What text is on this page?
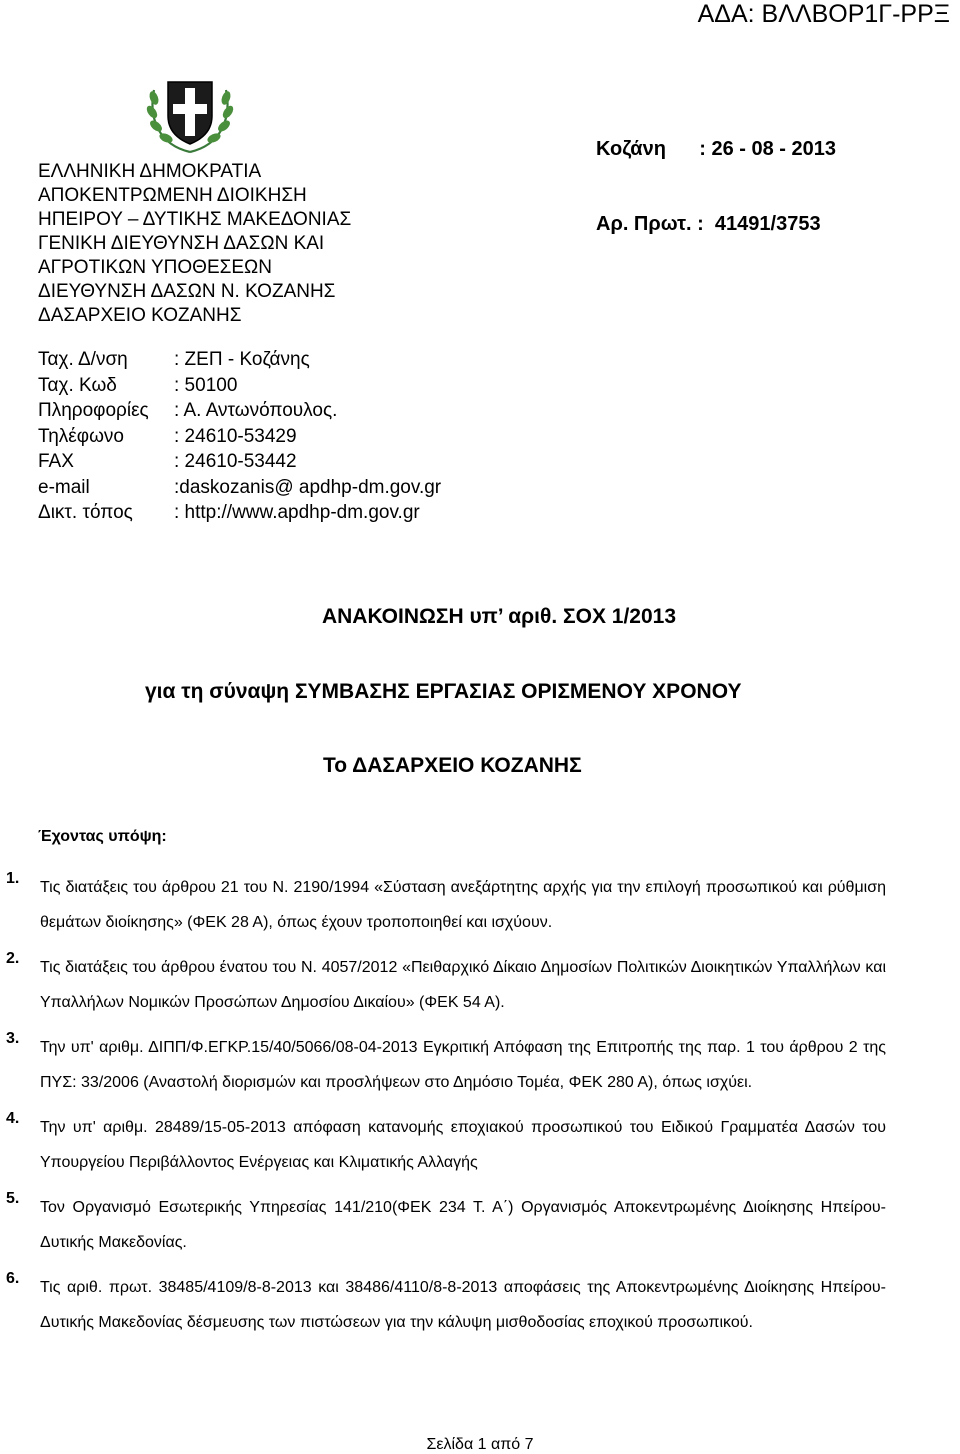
ΑΔΑ: ΒΛΛΒΟΡ1Γ-ΡΡΞ

Κοζάνη      : 26 - 08 - 2013

Αρ. Πρωτ. :  41491/3753

ΕΛΛΗΝΙΚΗ ΔΗΜΟΚΡΑΤΙΑ
ΑΠΟΚΕΝΤΡΩΜΕΝΗ ΔΙΟΙΚΗΣΗ
ΗΠΕΙΡΟΥ – ΔΥΤΙΚΗΣ ΜΑΚΕΔΟΝΙΑΣ
ΓΕΝΙΚΗ ΔΙΕΥΘΥΝΣΗ ΔΑΣΩΝ ΚΑΙ
ΑΓΡΟΤΙΚΩΝ ΥΠΟΘΕΣΕΩΝ
ΔΙΕΥΘΥΝΣΗ ΔΑΣΩΝ Ν. ΚΟΖΑΝΗΣ
ΔΑΣΑΡΧΕΙΟ ΚΟΖΑΝΗΣ
Ταχ. Δ/νση : ΖΕΠ - Κοζάνης
Ταχ. Κωδ	: 50100
Πληροφορίες : Α. Αντωνόπουλος.
Τηλέφωνο	: 24610-53429
FAX	: 24610-53442
e-mail	:daskozanis@ apdhp-dm.gov.gr
Δικτ. τόπος : http://www.apdhp-dm.gov.gr
ΑΝΑΚΟΙΝΩΣΗ υπ’ αριθ. ΣΟΧ 1/2013
για τη σύναψη ΣΥΜΒΑΣΗΣ ΕΡΓΑΣΙΑΣ ΟΡΙΣΜΕΝΟΥ ΧΡΟΝΟΥ
Το ΔΑΣΑΡΧΕΙΟ ΚΟΖΑΝΗΣ
Έχοντας υπόψη:
1.
Τις διατάξεις του άρθρου 21 του Ν. 2190/1994 «Σύσταση ανεξάρτητης αρχής για την επιλογή προσωπικού και ρύθμιση θεμάτων διοίκησης» (ΦΕΚ 28 Α), όπως έχουν τροποποιηθεί και ισχύουν.
2.
Τις διατάξεις του άρθρου ένατου του Ν. 4057/2012 «Πειθαρχικό Δίκαιο Δημοσίων Πολιτικών Διοικητικών Υπαλλήλων και Υπαλλήλων Νομικών Προσώπων Δημοσίου Δικαίου» (ΦΕΚ 54 Α).
3.
Την υπ' αριθμ. ΔΙΠΠ/Φ.ΕΓΚΡ.15/40/5066/08-04-2013 Εγκριτική Απόφαση της Επιτροπής της παρ. 1 του άρθρου 2 της ΠΥΣ: 33/2006 (Αναστολή διορισμών και προσλήψεων στο Δημόσιο Τομέα, ΦΕΚ 280 Α), όπως ισχύει.
4.
Την υπ' αριθμ. 28489/15-05-2013 απόφαση κατανομής εποχιακού προσωπικού του Ειδικού Γραμματέα Δασών του Υπουργείου Περιβάλλοντος Ενέργειας και Κλιματικής Αλλαγής
5.
Τον Οργανισμό Εσωτερικής Υπηρεσίας 141/210(ΦΕΚ 234 Τ. Α΄) Οργανισμός Αποκεντρωμένης Διοίκησης Ηπείρου-Δυτικής Μακεδονίας.
6.
Τις αριθ. πρωτ. 38485/4109/8-8-2013 και 38486/4110/8-8-2013 αποφάσεις της Αποκεντρωμένης Διοίκησης Ηπείρου-Δυτικής Μακεδονίας δέσμευσης των πιστώσεων για την κάλυψη μισθοδοσίας εποχικού προσωπικού.
Σελίδα 1 από 7
